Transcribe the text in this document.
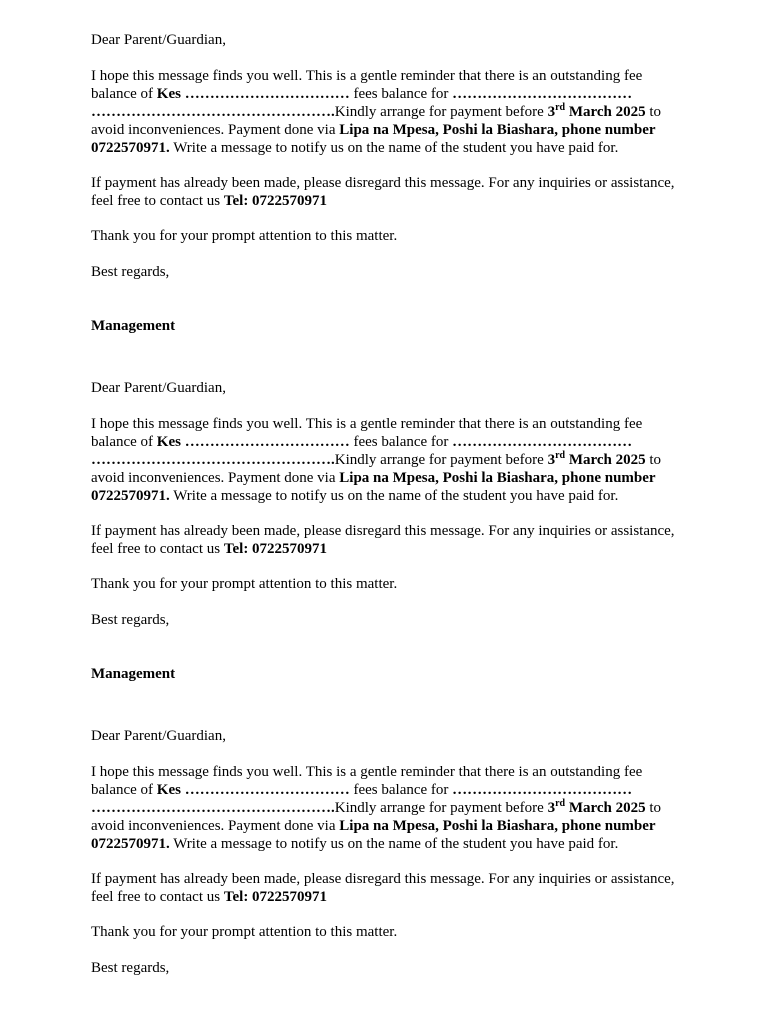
Dear Parent/Guardian,

I hope this message finds you well. This is a gentle reminder that there is an outstanding fee

balance of Kes …………………………… fees balance for ………………………………

………………………………………….Kindly arrange for payment before 3rd March 2025 to

avoid inconveniences. Payment done via Lipa na Mpesa, Poshi la Biashara, phone number

0722570971. Write a message to notify us on the name of the student you have paid for.

If payment has already been made, please disregard this message. For any inquiries or assistance,

feel free to contact us Tel: 0722570971

Thank you for your prompt attention to this matter.

Best regards,

Management

Dear Parent/Guardian,

I hope this message finds you well. This is a gentle reminder that there is an outstanding fee

balance of Kes …………………………… fees balance for ………………………………

………………………………………….Kindly arrange for payment before 3rd March 2025 to

avoid inconveniences. Payment done via Lipa na Mpesa, Poshi la Biashara, phone number

0722570971. Write a message to notify us on the name of the student you have paid for.

If payment has already been made, please disregard this message. For any inquiries or assistance,

feel free to contact us Tel: 0722570971

Thank you for your prompt attention to this matter.

Best regards,

Management

Dear Parent/Guardian,

I hope this message finds you well. This is a gentle reminder that there is an outstanding fee

balance of Kes …………………………… fees balance for ………………………………

………………………………………….Kindly arrange for payment before 3rd March 2025 to

avoid inconveniences. Payment done via Lipa na Mpesa, Poshi la Biashara, phone number

0722570971. Write a message to notify us on the name of the student you have paid for.

If payment has already been made, please disregard this message. For any inquiries or assistance,

feel free to contact us Tel: 0722570971

Thank you for your prompt attention to this matter.

Best regards,
